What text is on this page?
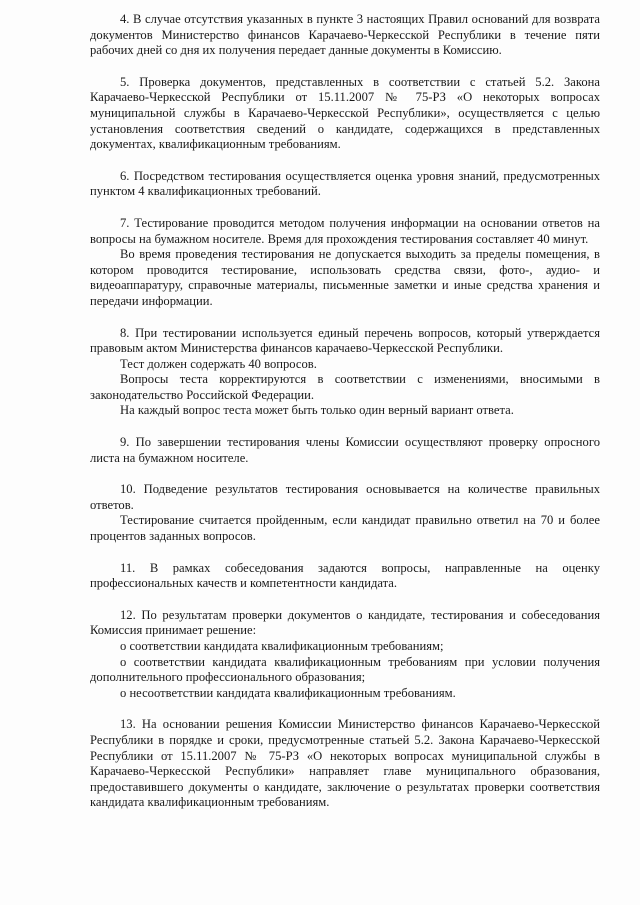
4. В случае отсутствия указанных в пункте 3 настоящих Правил оснований для возврата документов Министерство финансов Карачаево-Черкесской Республики в течение пяти рабочих дней со дня их получения передает данные документы в Комиссию.

5. Проверка документов, представленных в соответствии с статьей 5.2. Закона Карачаево-Черкесской Республики от 15.11.2007 № 75-РЗ «О некоторых вопросах муниципальной службы в Карачаево-Черкесской Республики», осуществляется с целью установления соответствия сведений о кандидате, содержащихся в представленных документах, квалификационным требованиям.

6. Посредством тестирования осуществляется оценка уровня знаний, предусмотренных пунктом 4 квалификационных требований.

7. Тестирование проводится методом получения информации на основании ответов на вопросы на бумажном носителе. Время для прохождения тестирования составляет 40 минут.

Во время проведения тестирования не допускается выходить за пределы помещения, в котором проводится тестирование, использовать средства связи, фото-, аудио- и видеоаппаратуру, справочные материалы, письменные заметки и иные средства хранения и передачи информации.

8. При тестировании используется единый перечень вопросов, который утверждается правовым актом Министерства финансов карачаево-Черкесской Республики.

Тест должен содержать 40 вопросов.

Вопросы теста корректируются в соответствии с изменениями, вносимыми в законодательство Российской Федерации.

На каждый вопрос теста может быть только один верный вариант ответа.

9. По завершении тестирования члены Комиссии осуществляют проверку опросного листа на бумажном носителе.

10. Подведение результатов тестирования основывается на количестве правильных ответов.

Тестирование считается пройденным, если кандидат правильно ответил на 70 и более процентов заданных вопросов.

11. В рамках собеседования задаются вопросы, направленные на оценку профессиональных качеств и компетентности кандидата.

12. По результатам проверки документов о кандидате, тестирования и собеседования Комиссия принимает решение:

о соответствии кандидата квалификационным требованиям;

о соответствии кандидата квалификационным требованиям при условии получения дополнительного профессионального образования;

о несоответствии кандидата квалификационным требованиям.

13. На основании решения Комиссии Министерство финансов Карачаево-Черкесской Республики в порядке и сроки, предусмотренные статьей 5.2. Закона Карачаево-Черкесской Республики от 15.11.2007 № 75-РЗ «О некоторых вопросах муниципальной службы в Карачаево-Черкесской Республики» направляет главе муниципального образования, предоставившего документы о кандидате, заключение о результатах проверки соответствия кандидата квалификационным требованиям.
